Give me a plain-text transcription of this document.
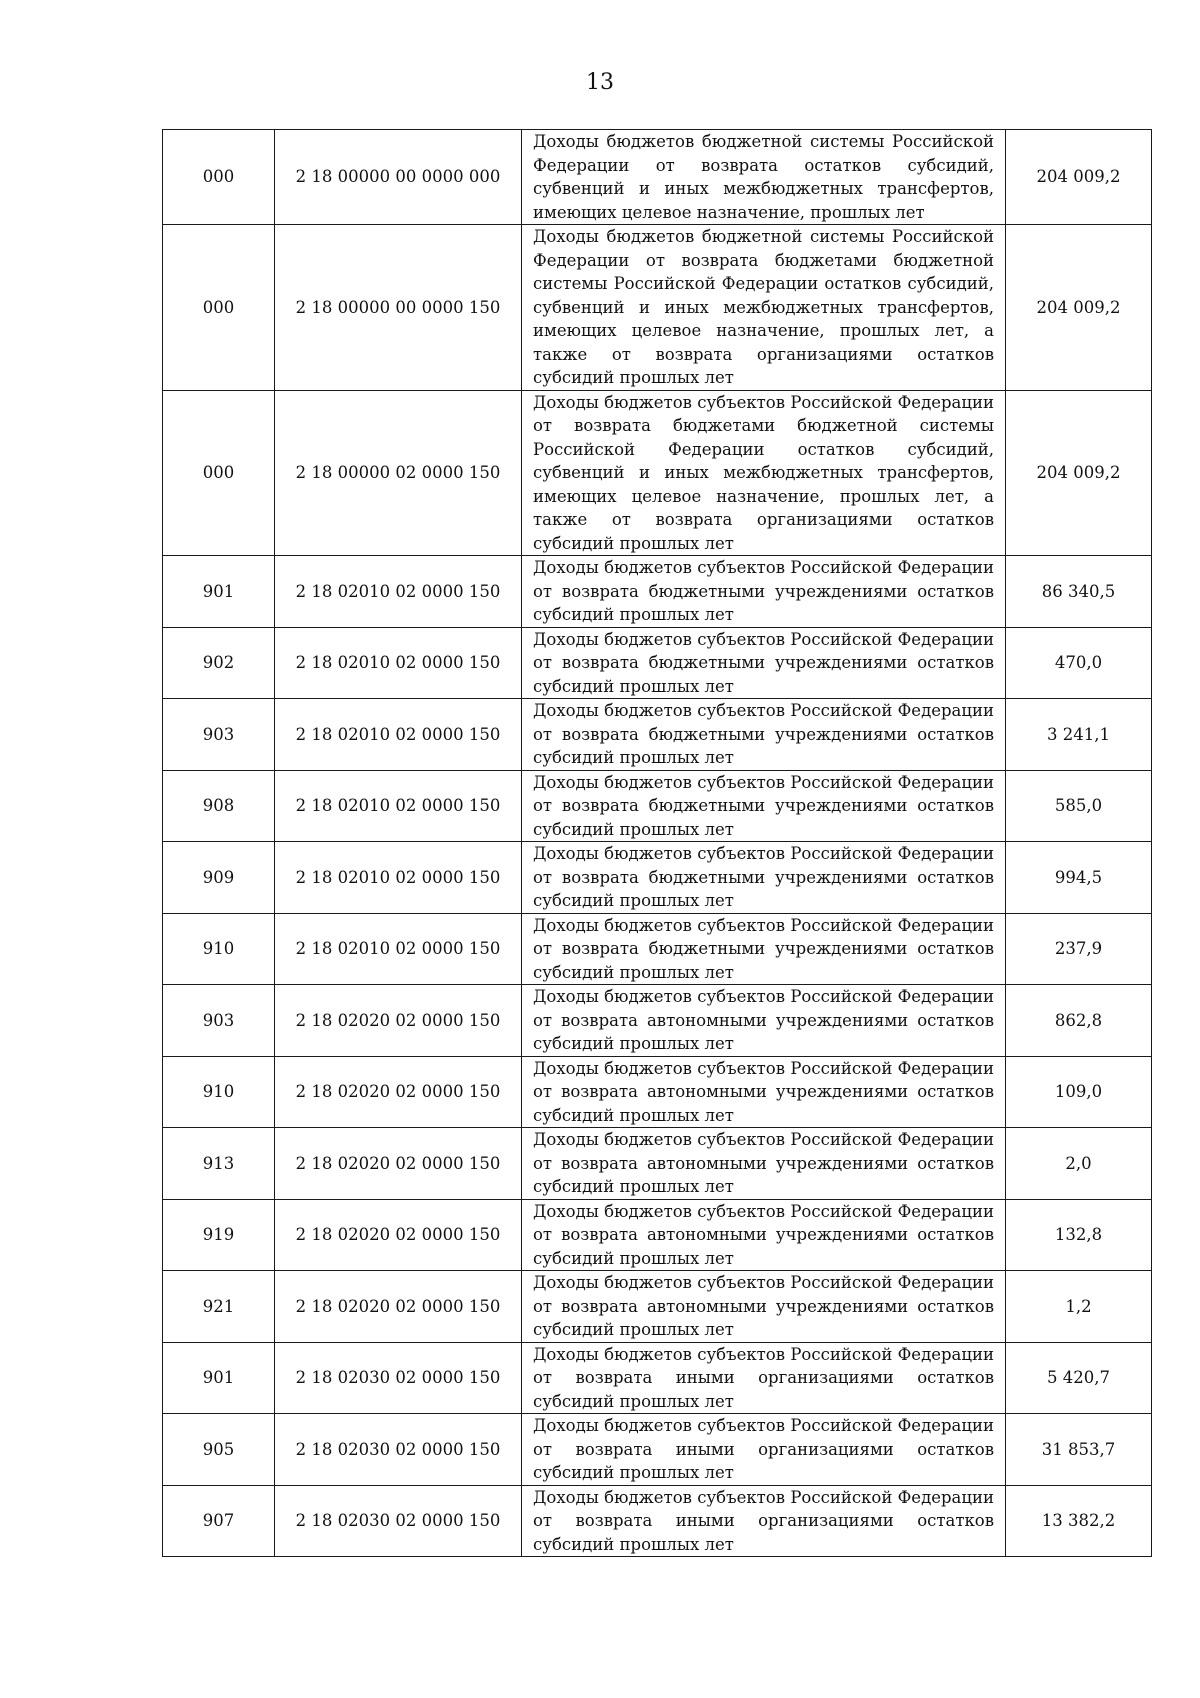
13
000	2 18 00000 00 0000 000	Доходы бюджетов бюджетной системы Российской Федерации от возврата остатков субсидий, субвенций и иных межбюджетных трансфертов, имеющих целевое назначение, прошлых лет	204 009,2
000	2 18 00000 00 0000 150	Доходы бюджетов бюджетной системы Российской Федерации от возврата бюджетами бюджетной системы Российской Федерации остатков субсидий, субвенций и иных межбюджетных трансфертов, имеющих целевое назначение, прошлых лет, а также от возврата организациями остатков субсидий прошлых лет	204 009,2
000	2 18 00000 02 0000 150	Доходы бюджетов субъектов Российской Федерации от возврата бюджетами бюджетной системы Российской Федерации остатков субсидий, субвенций и иных межбюджетных трансфертов, имеющих целевое назначение, прошлых лет, а также от возврата организациями остатков субсидий прошлых лет	204 009,2
901	2 18 02010 02 0000 150	Доходы бюджетов субъектов Российской Федерации от возврата бюджетными учреждениями остатков субсидий прошлых лет	86 340,5
902	2 18 02010 02 0000 150	Доходы бюджетов субъектов Российской Федерации от возврата бюджетными учреждениями остатков субсидий прошлых лет	470,0
903	2 18 02010 02 0000 150	Доходы бюджетов субъектов Российской Федерации от возврата бюджетными учреждениями остатков субсидий прошлых лет	3 241,1
908	2 18 02010 02 0000 150	Доходы бюджетов субъектов Российской Федерации от возврата бюджетными учреждениями остатков субсидий прошлых лет	585,0
909	2 18 02010 02 0000 150	Доходы бюджетов субъектов Российской Федерации от возврата бюджетными учреждениями остатков субсидий прошлых лет	994,5
910	2 18 02010 02 0000 150	Доходы бюджетов субъектов Российской Федерации от возврата бюджетными учреждениями остатков субсидий прошлых лет	237,9
903	2 18 02020 02 0000 150	Доходы бюджетов субъектов Российской Федерации от возврата автономными учреждениями остатков субсидий прошлых лет	862,8
910	2 18 02020 02 0000 150	Доходы бюджетов субъектов Российской Федерации от возврата автономными учреждениями остатков субсидий прошлых лет	109,0
913	2 18 02020 02 0000 150	Доходы бюджетов субъектов Российской Федерации от возврата автономными учреждениями остатков субсидий прошлых лет	2,0
919	2 18 02020 02 0000 150	Доходы бюджетов субъектов Российской Федерации от возврата автономными учреждениями остатков субсидий прошлых лет	132,8
921	2 18 02020 02 0000 150	Доходы бюджетов субъектов Российской Федерации от возврата автономными учреждениями остатков субсидий прошлых лет	1,2
901	2 18 02030 02 0000 150	Доходы бюджетов субъектов Российской Федерации от возврата иными организациями остатков субсидий прошлых лет	5 420,7
905	2 18 02030 02 0000 150	Доходы бюджетов субъектов Российской Федерации от возврата иными организациями остатков субсидий прошлых лет	31 853,7
907	2 18 02030 02 0000 150	Доходы бюджетов субъектов Российской Федерации от возврата иными организациями остатков субсидий прошлых лет	13 382,2
